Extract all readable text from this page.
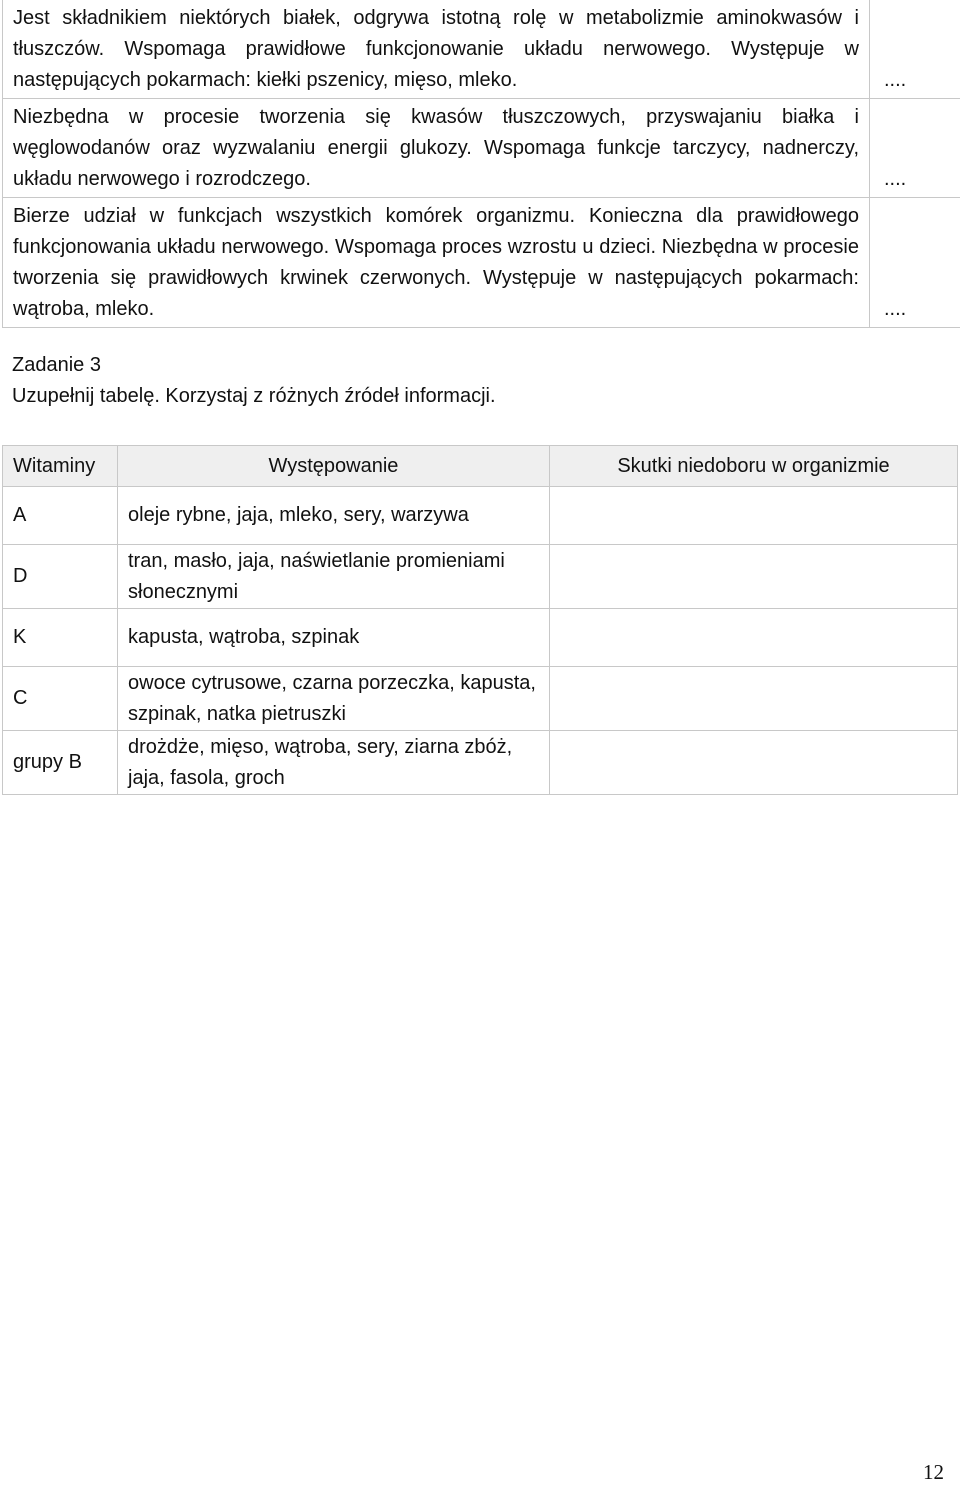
Jest składnikiem niektórych białek, odgrywa istotną rolę w metabolizmie aminokwasów i tłuszczów. Wspomaga prawidłowe funkcjonowanie układu nerwowego. Występuje w następujących pokarmach: kiełki pszenicy, mięso, mleko.	....
Niezbędna w procesie tworzenia się kwasów tłuszczowych, przyswajaniu białka i węglowodanów oraz wyzwalaniu energii glukozy. Wspomaga funkcje tarczycy, nadnerczy, układu nerwowego i rozrodczego.	....
Bierze udział w funkcjach wszystkich komórek organizmu. Konieczna dla prawidłowego funkcjonowania układu nerwowego. Wspomaga proces wzrostu u dzieci. Niezbędna w procesie tworzenia się prawidłowych krwinek czerwonych. Występuje w następujących pokarmach: wątroba, mleko.	....
Zadanie 3
Uzupełnij tabelę. Korzystaj z różnych źródeł informacji.
Witaminy	Występowanie	Skutki niedoboru w organizmie
A	oleje rybne, jaja, mleko, sery, warzywa	
D	tran, masło, jaja, naświetlanie promieniami słonecznymi	
K	kapusta, wątroba, szpinak	
C	owoce cytrusowe, czarna porzeczka, kapusta, szpinak, natka pietruszki	
grupy B	drożdże, mięso, wątroba, sery, ziarna zbóż, jaja, fasola, groch	
12
